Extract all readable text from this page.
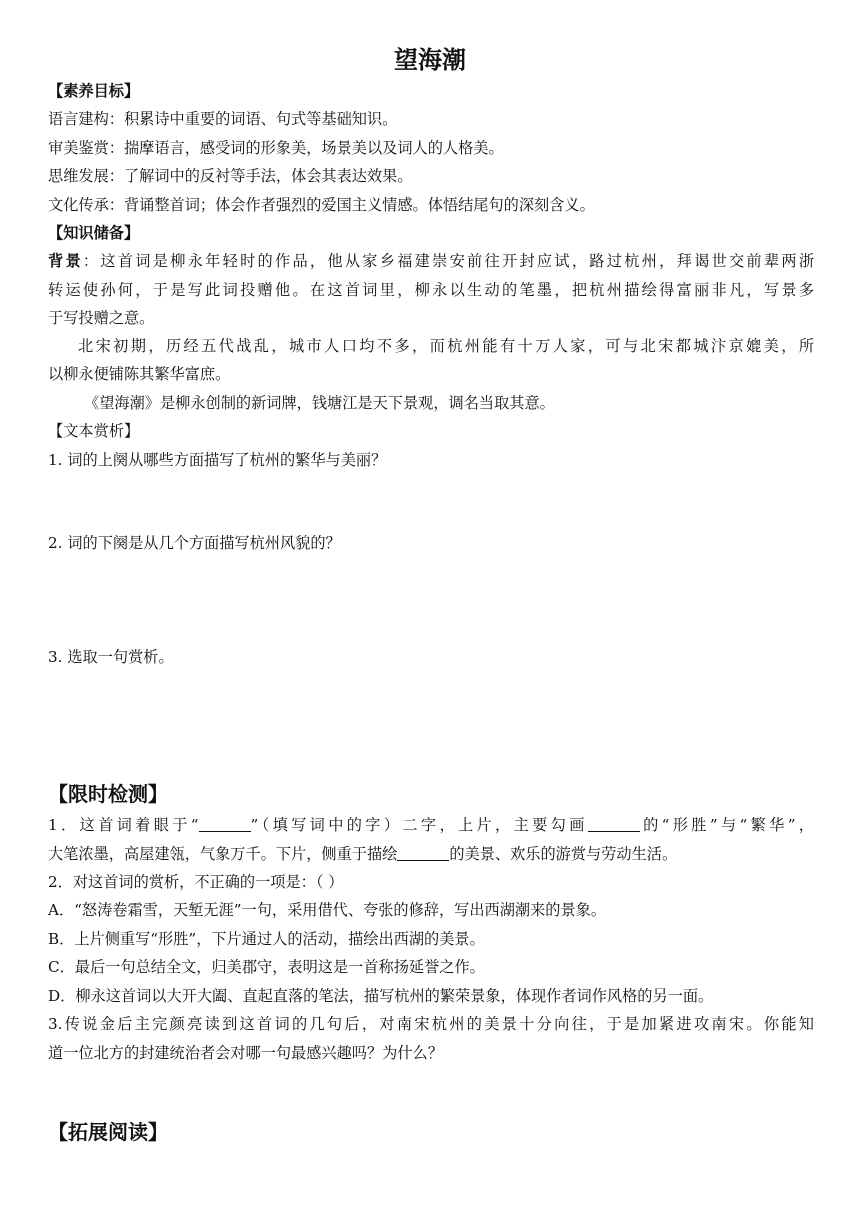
望海潮
【素养目标】
语言建构：积累诗中重要的词语、句式等基础知识。
审美鉴赏：揣摩语言，感受词的形象美，场景美以及词人的人格美。
思维发展：了解词中的反衬等手法，体会其表达效果。
文化传承：背诵整首词；体会作者强烈的爱国主义情感。体悟结尾句的深刻含义。
【知识储备】
背景：这首词是柳永年轻时的作品，他从家乡福建崇安前往开封应试，路过杭州，拜谒世交前辈两浙
转运使孙何，于是写此词投赠他。在这首词里，柳永以生动的笔墨，把杭州描绘得富丽非凡，写景多
于写投赠之意。
北宋初期，历经五代战乱，城市人口均不多，而杭州能有十万人家，可与北宋都城汴京媲美，所
以柳永便铺陈其繁华富庶。
《望海潮》是柳永创制的新词牌，钱塘江是天下景观，调名当取其意。
【文本赏析】
1. 词的上阕从哪些方面描写了杭州的繁华与美丽？
2. 词的下阕是从几个方面描写杭州风貌的？
3. 选取一句赏析。
【限时检测】
1．这首词着眼于“	”（填写词中的字）二字，上片，主要勾画	的“形胜”与“繁华”，
大笔浓墨，高屋建瓴，气象万千。下片，侧重于描绘	的美景、欢乐的游赏与劳动生活。
2．对这首词的赏析，不正确的一项是：（ ）
A．“怒涛卷霜雪，天堑无涯”一句，采用借代、夸张的修辞，写出西湖潮来的景象。
B．上片侧重写“形胜”，下片通过人的活动，描绘出西湖的美景。
C．最后一句总结全文，归美郡守，表明这是一首称扬延誉之作。
D．柳永这首词以大开大阖、直起直落的笔法，描写杭州的繁荣景象，体现作者词作风格的另一面。
3.传说金后主完颜亮读到这首词的几句后，对南宋杭州的美景十分向往，于是加紧进攻南宋。你能知
道一位北方的封建统治者会对哪一句最感兴趣吗？为什么？
【拓展阅读】
